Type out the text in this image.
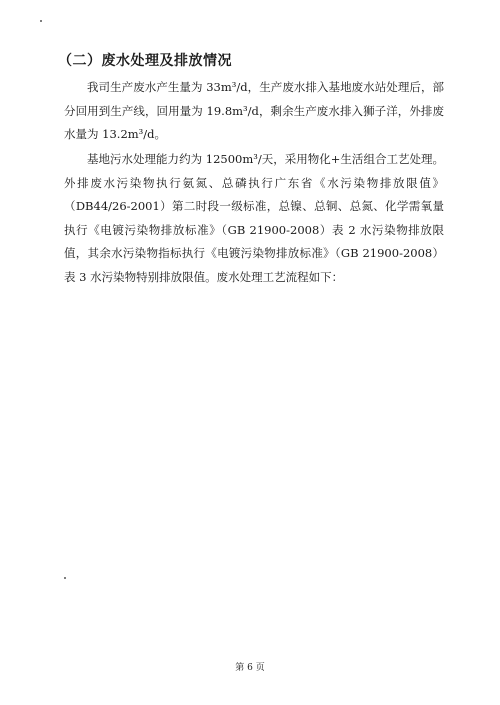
（二）废水处理及排放情况

我司生产废水产生量为 33m³/d，生产废水排入基地废水站处理后，部分回用到生产线，回用量为 19.8m³/d，剩余生产废水排入狮子洋，外排废水量为 13.2m³/d。

基地污水处理能力约为 12500m³/天，采用物化+生活组合工艺处理。外排废水污染物执行氨氮、总磷执行广东省《水污染物排放限值》（DB44/26-2001）第二时段一级标准，总镍、总铜、总氮、化学需氧量执行《电镀污染物排放标准》（GB 21900-2008）表 2 水污染物排放限值，其余水污染物指标执行《电镀污染物排放标准》（GB 21900-2008）表 3 水污染物特别排放限值。废水处理工艺流程如下：

第 6 页
